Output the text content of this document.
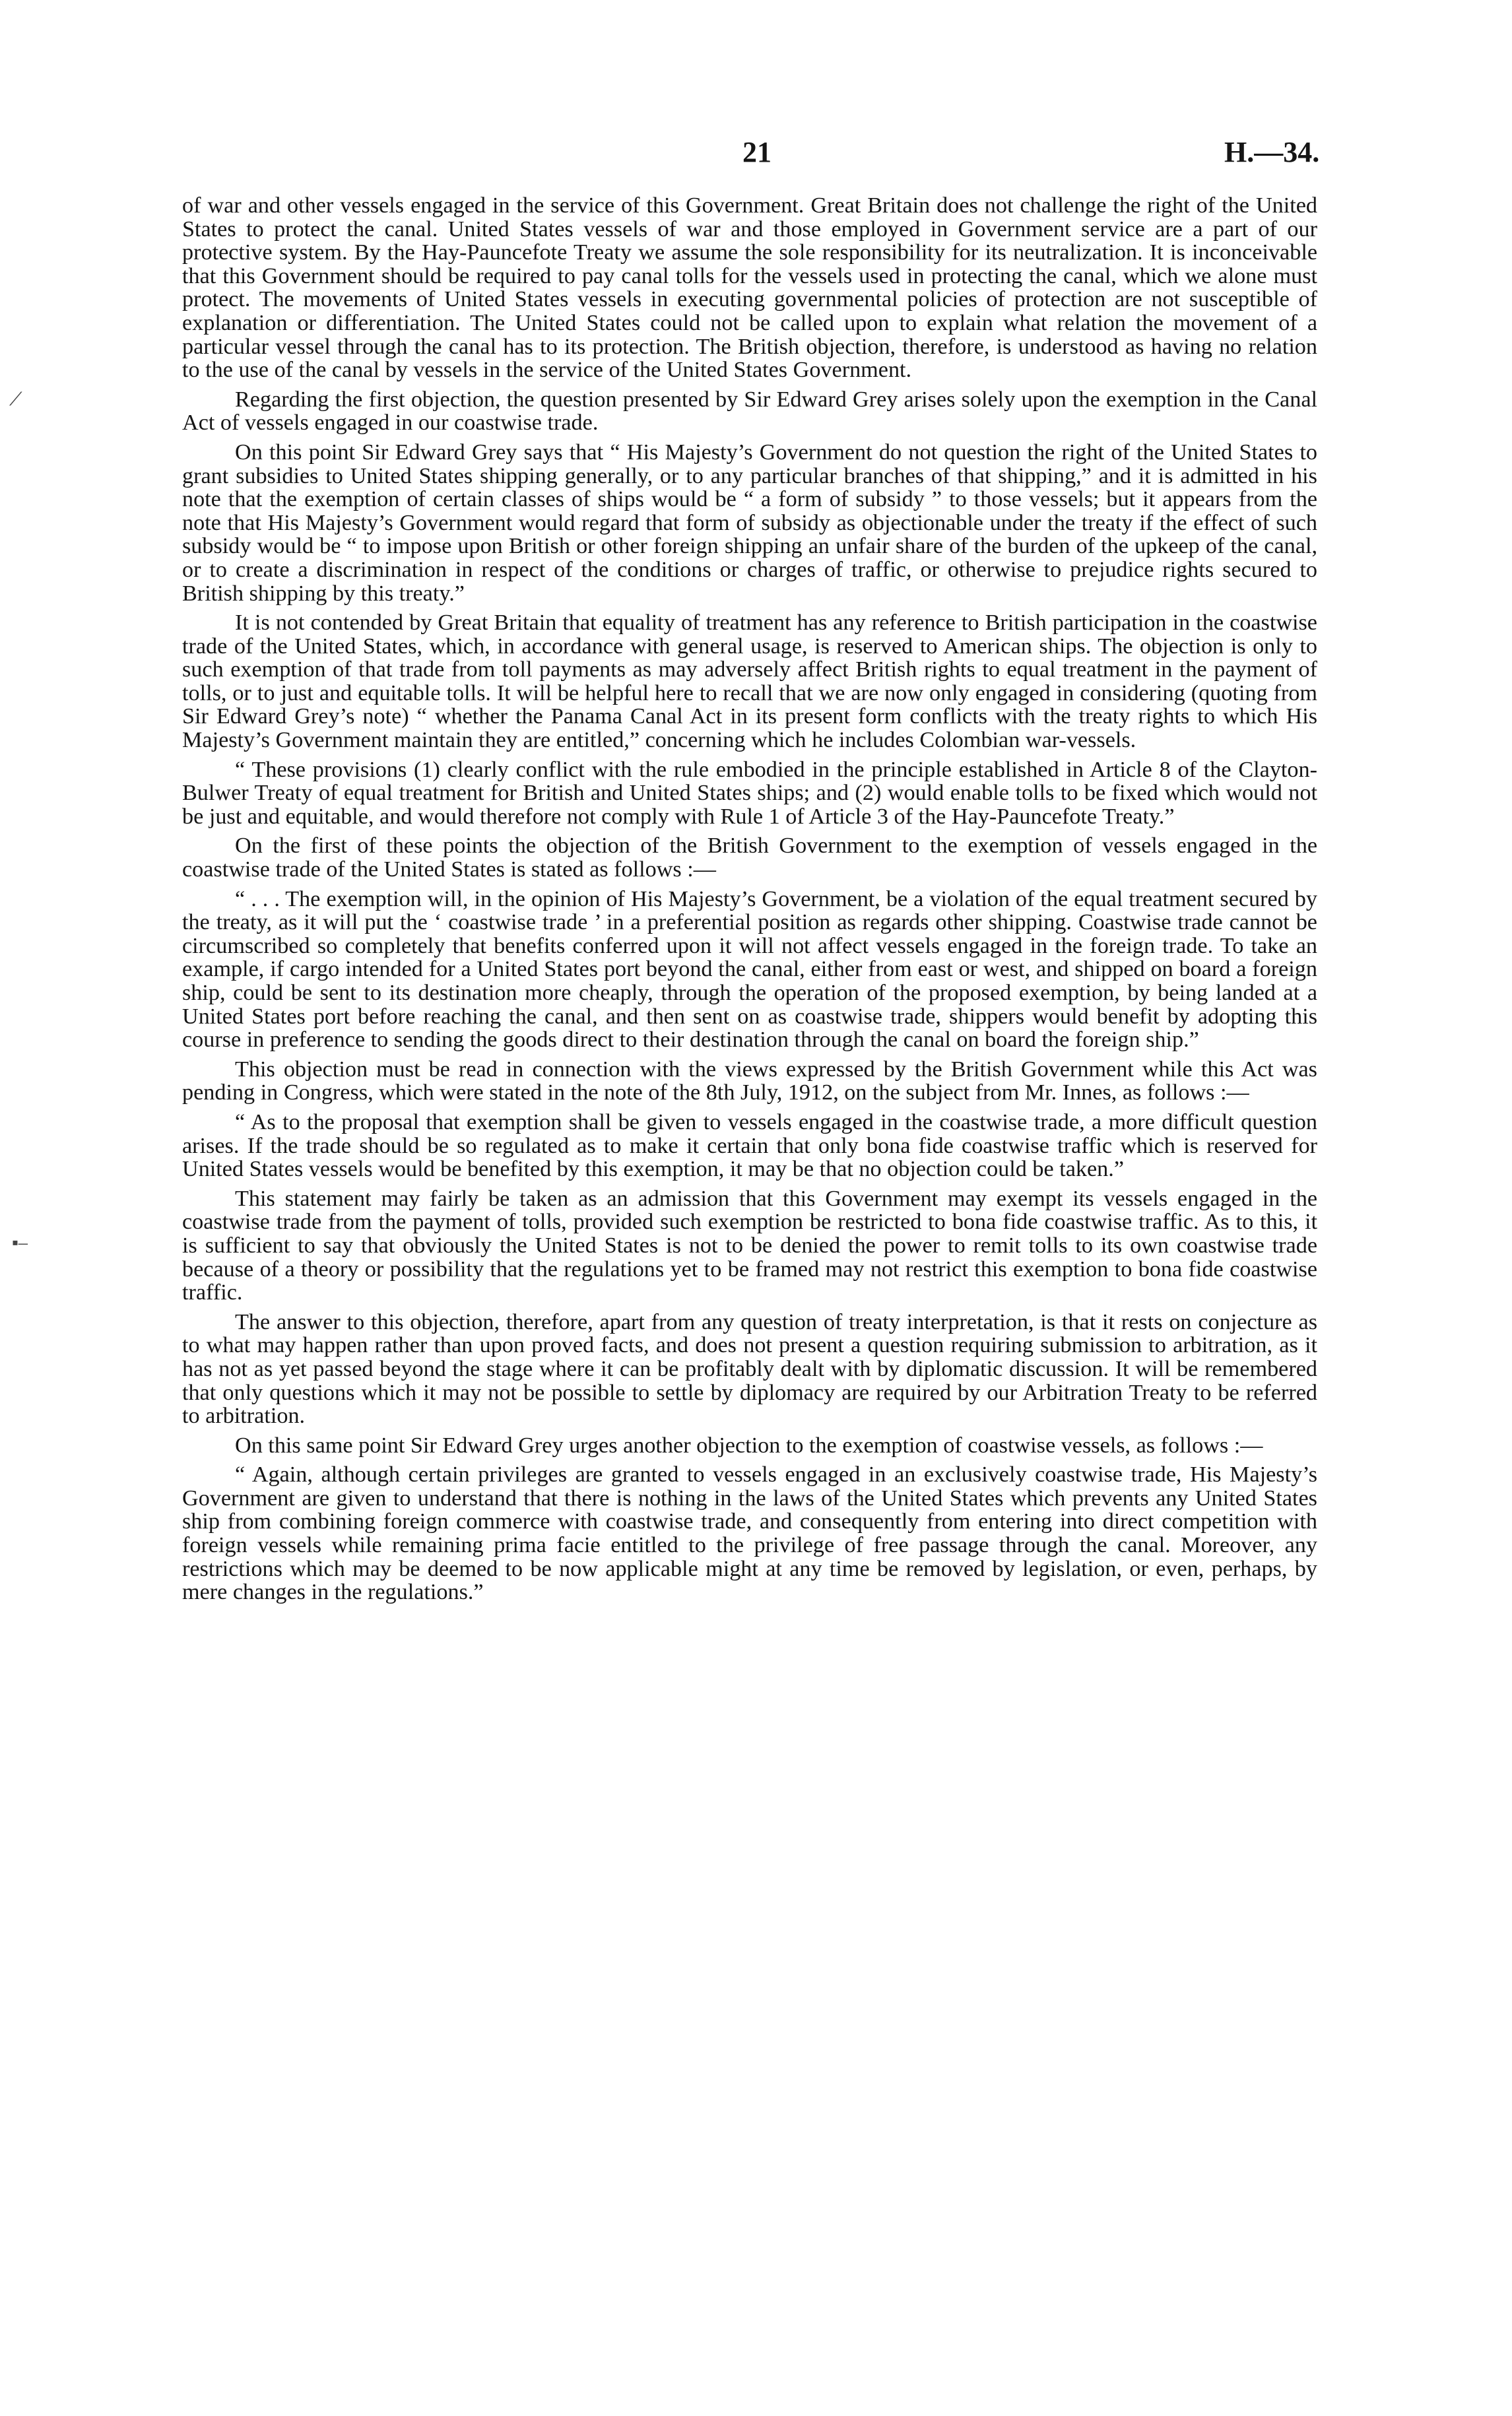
21	H.—34.
⟋
▪–

of war and other vessels engaged in the service of this Government. Great Britain does not challenge the right of the United States to protect the canal. United States vessels of war and those employed in Government service are a part of our protective system. By the Hay-Pauncefote Treaty we assume the sole responsibility for its neutralization. It is inconceivable that this Government should be required to pay canal tolls for the vessels used in protecting the canal, which we alone must protect. The movements of United States vessels in executing governmental policies of protection are not susceptible of explanation or differentiation. The United States could not be called upon to explain what relation the movement of a particular vessel through the canal has to its protection. The British objection, therefore, is understood as having no relation to the use of the canal by vessels in the service of the United States Government.

Regarding the first objection, the question presented by Sir Edward Grey arises solely upon the exemption in the Canal Act of vessels engaged in our coastwise trade.

On this point Sir Edward Grey says that “ His Majesty’s Government do not question the right of the United States to grant subsidies to United States shipping generally, or to any particular branches of that shipping,” and it is admitted in his note that the exemption of certain classes of ships would be “ a form of subsidy ” to those vessels; but it appears from the note that His Majesty’s Government would regard that form of subsidy as objectionable under the treaty if the effect of such subsidy would be “ to impose upon British or other foreign shipping an unfair share of the burden of the upkeep of the canal, or to create a discrimination in respect of the conditions or charges of traffic, or otherwise to prejudice rights secured to British shipping by this treaty.”

It is not contended by Great Britain that equality of treatment has any reference to British participation in the coastwise trade of the United States, which, in accordance with general usage, is reserved to American ships. The objection is only to such exemption of that trade from toll payments as may adversely affect British rights to equal treatment in the payment of tolls, or to just and equitable tolls. It will be helpful here to recall that we are now only engaged in considering (quoting from Sir Edward Grey’s note) “ whether the Panama Canal Act in its present form conflicts with the treaty rights to which His Majesty’s Government maintain they are entitled,” concerning which he includes Colombian war-vessels.

“ These provisions (1) clearly conflict with the rule embodied in the principle established in Article 8 of the Clayton-Bulwer Treaty of equal treatment for British and United States ships; and (2) would enable tolls to be fixed which would not be just and equitable, and would therefore not comply with Rule 1 of Article 3 of the Hay-Pauncefote Treaty.”

On the first of these points the objection of the British Government to the exemption of vessels engaged in the coastwise trade of the United States is stated as follows :—

“ . . . The exemption will, in the opinion of His Majesty’s Government, be a violation of the equal treatment secured by the treaty, as it will put the ‘ coastwise trade ’ in a preferential position as regards other shipping. Coastwise trade cannot be circumscribed so completely that benefits conferred upon it will not affect vessels engaged in the foreign trade. To take an example, if cargo intended for a United States port beyond the canal, either from east or west, and shipped on board a foreign ship, could be sent to its destination more cheaply, through the operation of the proposed exemption, by being landed at a United States port before reaching the canal, and then sent on as coastwise trade, shippers would benefit by adopting this course in preference to sending the goods direct to their destination through the canal on board the foreign ship.”

This objection must be read in connection with the views expressed by the British Government while this Act was pending in Congress, which were stated in the note of the 8th July, 1912, on the subject from Mr. Innes, as follows :—

“ As to the proposal that exemption shall be given to vessels engaged in the coastwise trade, a more difficult question arises. If the trade should be so regulated as to make it certain that only bona fide coastwise traffic which is reserved for United States vessels would be benefited by this exemption, it may be that no objection could be taken.”

This statement may fairly be taken as an admission that this Government may exempt its vessels engaged in the coastwise trade from the payment of tolls, provided such exemption be restricted to bona fide coastwise traffic. As to this, it is sufficient to say that obviously the United States is not to be denied the power to remit tolls to its own coastwise trade because of a theory or possibility that the regulations yet to be framed may not restrict this exemption to bona fide coastwise traffic.

The answer to this objection, therefore, apart from any question of treaty interpretation, is that it rests on conjecture as to what may happen rather than upon proved facts, and does not present a question requiring submission to arbitration, as it has not as yet passed beyond the stage where it can be profitably dealt with by diplomatic discussion. It will be remembered that only questions which it may not be possible to settle by diplomacy are required by our Arbitration Treaty to be referred to arbitration.

On this same point Sir Edward Grey urges another objection to the exemption of coastwise vessels, as follows :—

“ Again, although certain privileges are granted to vessels engaged in an exclusively coastwise trade, His Majesty’s Government are given to understand that there is nothing in the laws of the United States which prevents any United States ship from combining foreign commerce with coastwise trade, and consequently from entering into direct competition with foreign vessels while remaining prima facie entitled to the privilege of free passage through the canal. Moreover, any restrictions which may be deemed to be now applicable might at any time be removed by legislation, or even, perhaps, by mere changes in the regulations.”
